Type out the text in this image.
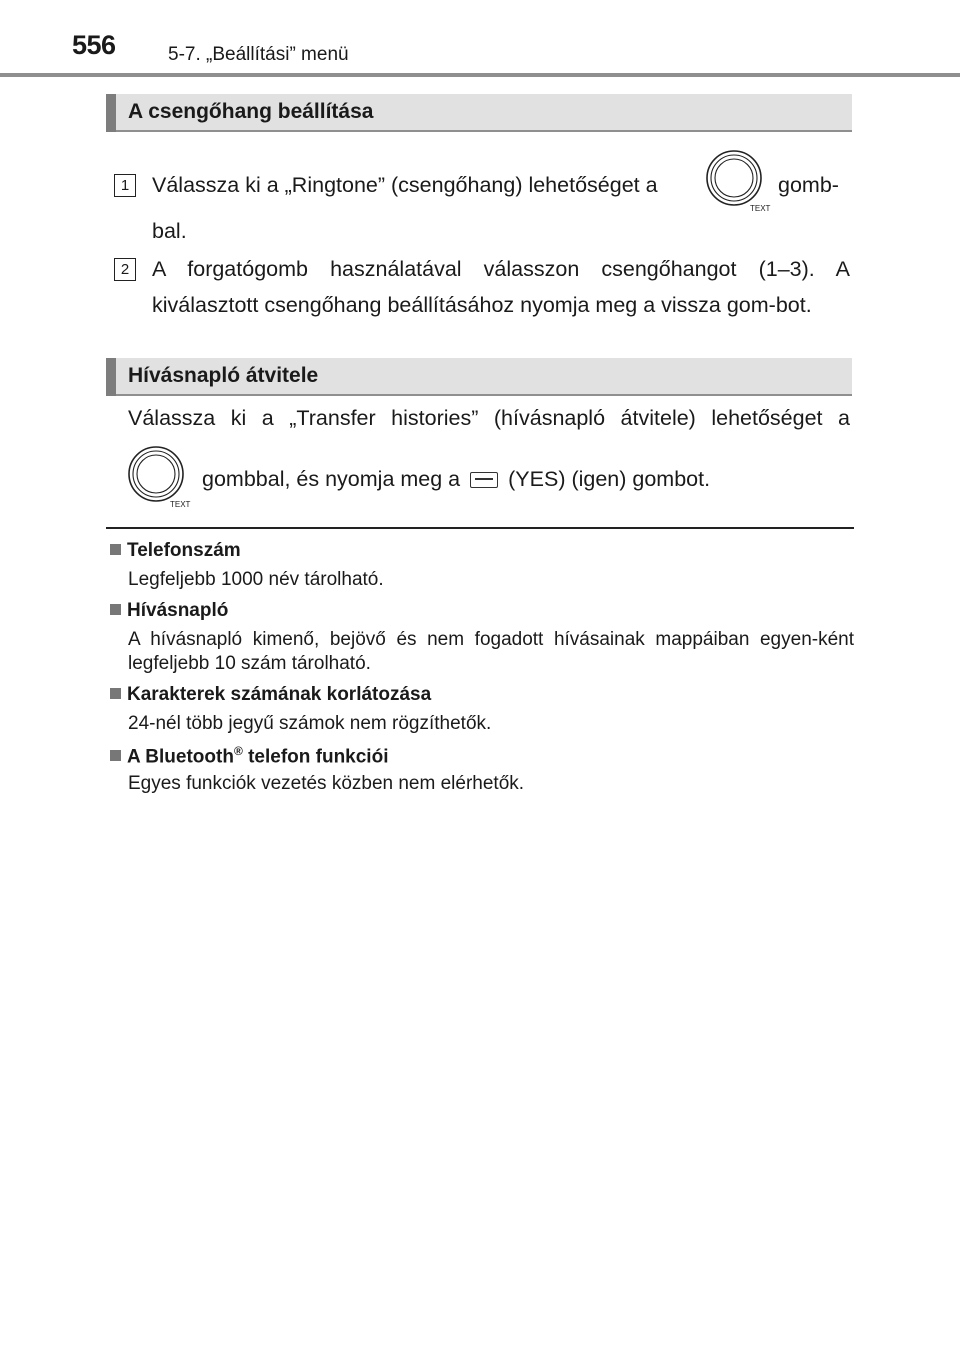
556	5-7. „Beállítási” menü
A csengőhang beállítása
1	Válassza ki a „Ringtone” (csengőhang) lehetőséget a
TEXT
gomb-
bal.
2	A forgatógomb használatával válasszon csengőhangot (1–3). A kiválasztott csengőhang beállításához nyomja meg a vissza gom-bot.
Hívásnapló átvitele
Válassza ki a „Transfer histories” (hívásnapló átvitele) lehetőséget a
TEXT
gombbal, és nyomja meg a (YES) (igen) gombot.
Telefonszám
Legfeljebb 1000 név tárolható.
Hívásnapló
A hívásnapló kimenő, bejövő és nem fogadott hívásainak mappáiban egyen-ként legfeljebb 10 szám tárolható.
Karakterek számának korlátozása
24-nél több jegyű számok nem rögzíthetők.
A Bluetooth® telefon funkciói
Egyes funkciók vezetés közben nem elérhetők.
